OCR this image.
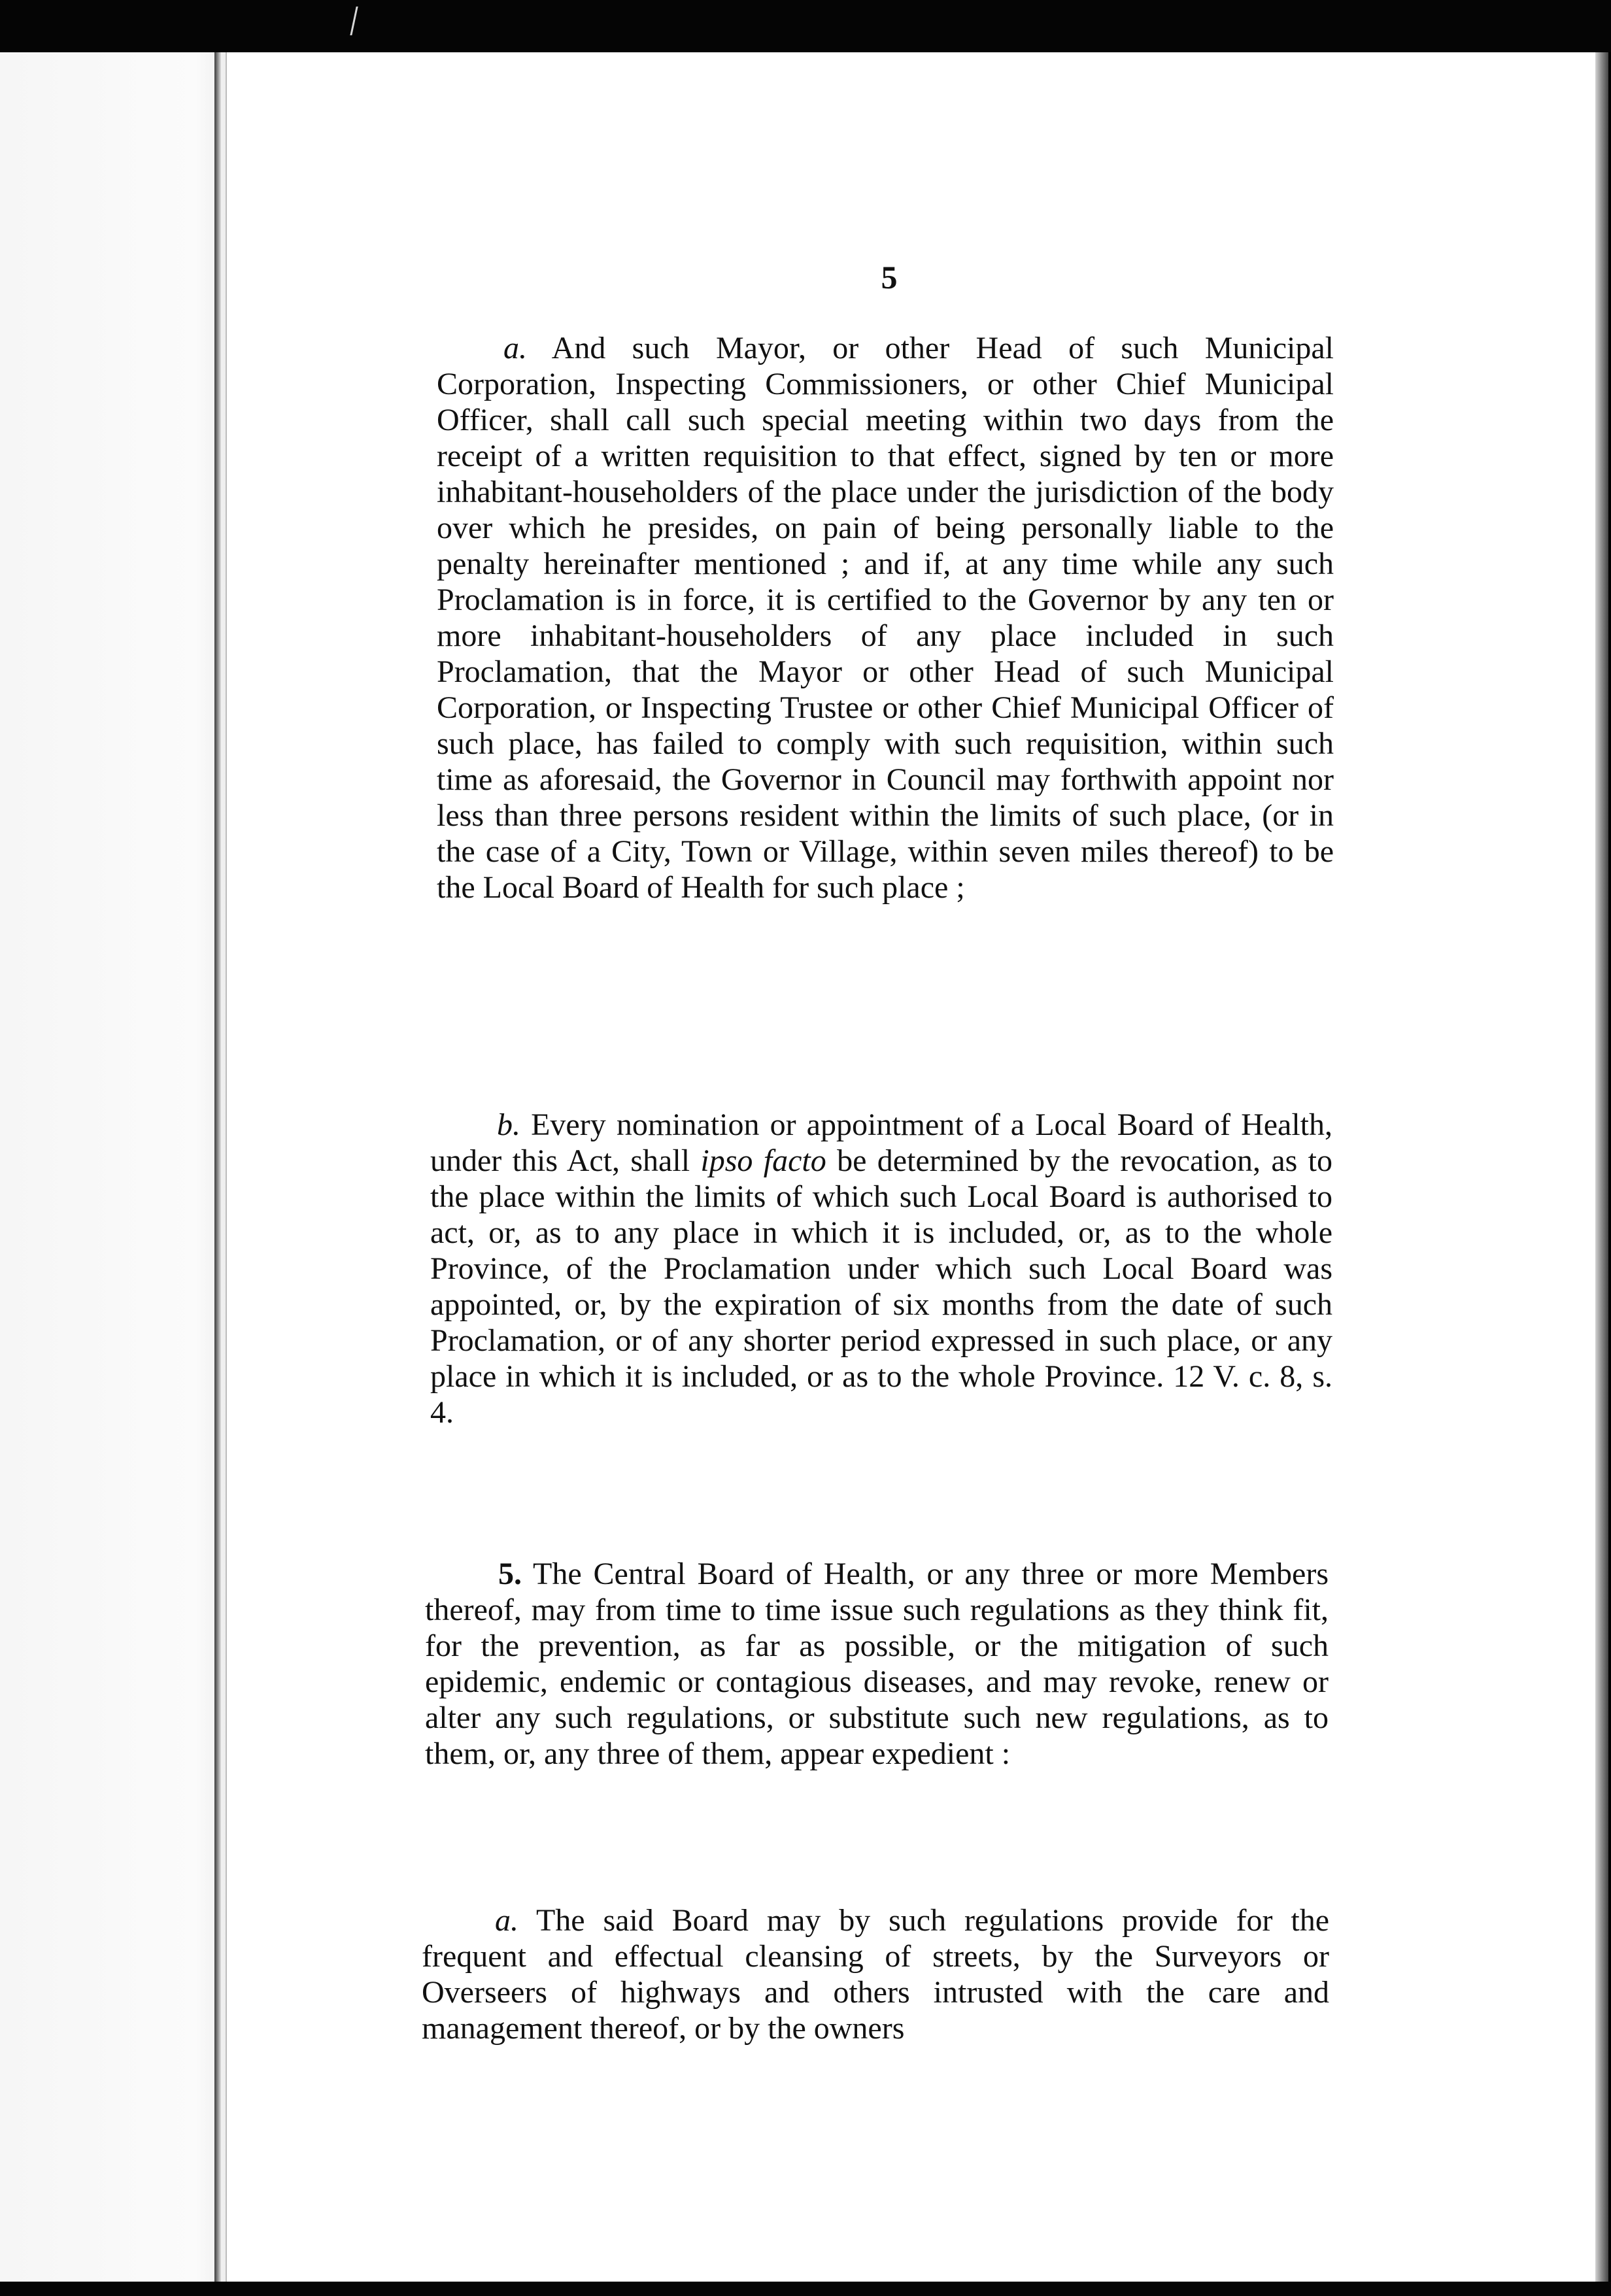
5

a. And such Mayor, or other Head of such Municipal Corporation, Inspecting Commissioners, or other Chief Municipal Officer, shall call such special meeting within two days from the receipt of a written requisition to that effect, signed by ten or more inhabitant-householders of the place under the jurisdiction of the body over which he presides, on pain of being personally liable to the penalty hereinafter mentioned ; and if, at any time while any such Proclamation is in force, it is certified to the Governor by any ten or more inhabitant-householders of any place included in such Proclamation, that the Mayor or other Head of such Municipal Corporation, or Inspecting Trustee or other Chief Municipal Officer of such place, has failed to comply with such requisition, within such time as aforesaid, the Governor in Council may forthwith appoint nor less than three persons resident within the limits of such place, (or in the case of a City, Town or Village, within seven miles thereof) to be the Local Board of Health for such place ;

b. Every nomination or appointment of a Local Board of Health, under this Act, shall ipso facto be determined by the revocation, as to the place within the limits of which such Local Board is authorised to act, or, as to any place in which it is included, or, as to the whole Province, of the Proclamation under which such Local Board was appointed, or, by the expiration of six months from the date of such Proclamation, or of any shorter period expressed in such place, or any place in which it is included, or as to the whole Province. 12 V. c. 8, s. 4.

5. The Central Board of Health, or any three or more Members thereof, may from time to time issue such regulations as they think fit, for the prevention, as far as possible, or the mitigation of such epidemic, endemic or contagious diseases, and may revoke, renew or alter any such regulations, or substitute such new regulations, as to them, or, any three of them, appear expedient :

a. The said Board may by such regulations provide for the frequent and effectual cleansing of streets, by the Surveyors or Overseers of highways and others intrusted with the care and management thereof, or by the owners
